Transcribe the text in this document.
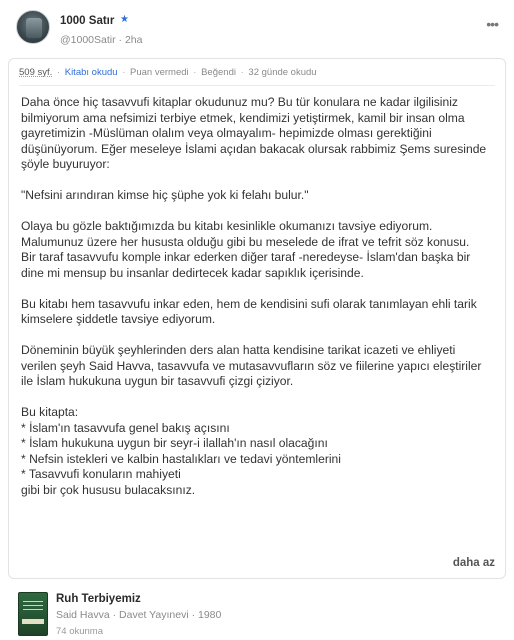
1000 Satır ★
@1000Satir · 2ha
•••
509 syf. · Kitabı okudu · Puan vermedi · Beğendi · 32 günde okudu

Daha önce hiç tasavvufi kitaplar okudunuz mu? Bu tür konulara ne kadar ilgilisiniz
bilmiyorum ama nefsimizi terbiye etmek, kendimizi yetiştirmek, kamil bir insan olma
gayretimizin -Müslüman olalım veya olmayalım- hepimizde olması gerektiğini
düşünüyorum. Eğer meseleye İslami açıdan bakacak olursak rabbimiz Şems suresinde
şöyle buyuruyor:

"Nefsini arındıran kimse hiç şüphe yok ki felahı bulur."

Olaya bu gözle baktığımızda bu kitabı kesinlikle okumanızı tavsiye ediyorum.
Malumunuz üzere her hususta olduğu gibi bu meselede de ifrat ve tefrit söz konusu.
Bir taraf tasavvufu komple inkar ederken diğer taraf -neredeyse- İslam'dan başka bir
dine mi mensup bu insanlar dedirtecek kadar sapıklık içerisinde.

Bu kitabı hem tasavvufu inkar eden, hem de kendisini sufi olarak tanımlayan ehli tarik
kimselere şiddetle tavsiye ediyorum.

Döneminin büyük şeyhlerinden ders alan hatta kendisine tarikat icazeti ve ehliyeti
verilen şeyh Said Havva, tasavvufa ve mutasavvufların söz ve fiilerine yapıcı eleştiriler
ile İslam hukukuna uygun bir tasavvufi çizgi çiziyor.

Bu kitapta:
* İslam'ın tasavvufa genel bakış açısını
* İslam hukukuna uygun bir seyr-i ilallah'ın nasıl olacağını
* Nefsin istekleri ve kalbin hastalıkları ve tedavi yöntemlerini
* Tasavvufi konuların mahiyeti
gibi bir çok hususu bulacaksınız.

daha az
Ruh Terbiyemiz
Said Havva · Davet Yayınevi · 1980
74 okunma
